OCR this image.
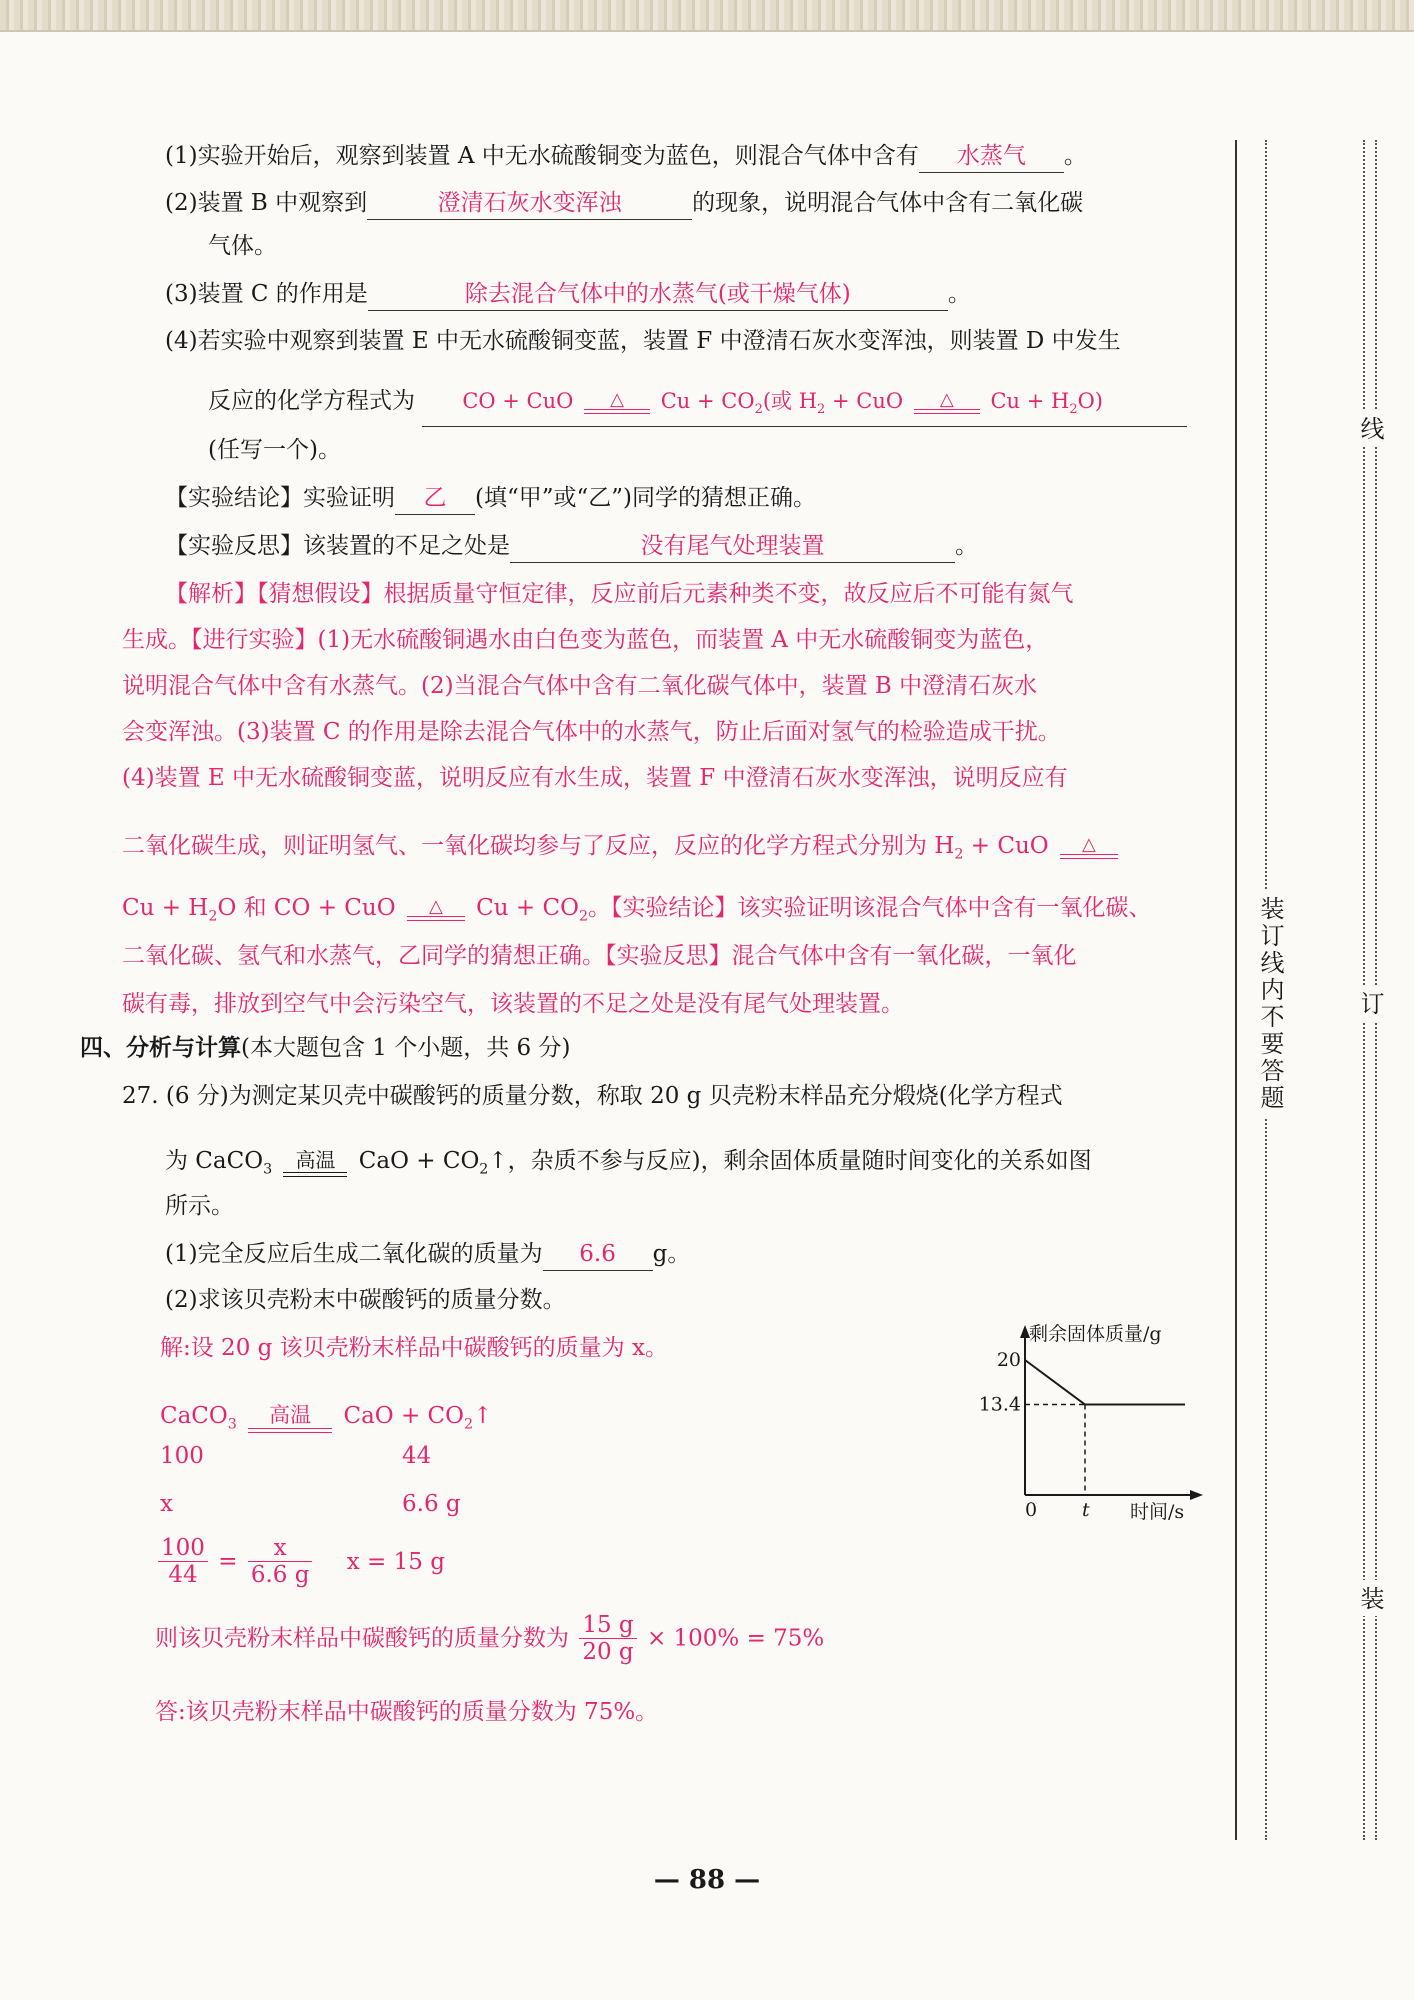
(1)实验开始后，观察到装置 A 中无水硫酸铜变为蓝色，则混合气体中含有 水蒸气 。
(2)装置 B 中观察到	澄清石灰水变浑浊	的现象，说明混合气体中含有二氧化碳
气体。
(3)装置 C 的作用是	除去混合气体中的水蒸气(或干燥气体)	。
(4)若实验中观察到装置 E 中无水硫酸铜变蓝，装置 F 中澄清石灰水变浑浊，则装置 D 中发生
反应的化学方程式为 CO + CuO	△	$Cu + CO_2$(或 $H_2$ + CuO	△	$Cu + H_2O$)
(任写一个)。
【实验结论】实验证明 乙 (填“甲”或“乙”)同学的猜想正确。
【实验反思】该装置的不足之处是	没有尾气处理装置	。
【解析】【猜想假设】根据质量守恒定律，反应前后元素种类不变，故反应后不可能有氮气
生成。【进行实验】(1)无水硫酸铜遇水由白色变为蓝色，而装置 A 中无水硫酸铜变为蓝色，
说明混合气体中含有水蒸气。(2)当混合气体中含有二氧化碳气体中，装置 B 中澄清石灰水
会变浑浊。(3)装置 C 的作用是除去混合气体中的水蒸气，防止后面对氢气的检验造成干扰。
(4)装置 E 中无水硫酸铜变蓝，说明反应有水生成，装置 F 中澄清石灰水变浑浊，说明反应有
二氧化碳生成，则证明氢气、一氧化碳均参与了反应，反应的化学方程式分别为 $H_2$ + CuO	△
$Cu + H_2O$ 和 CO + CuO	△	$Cu + CO_2$。【实验结论】该实验证明该混合气体中含有一氧化碳、
二氧化碳、氢气和水蒸气，乙同学的猜想正确。【实验反思】混合气体中含有一氧化碳，一氧化
碳有毒，排放到空气中会污染空气，该装置的不足之处是没有尾气处理装置。
四、分析与计算(本大题包含 1 个小题，共 6 分)
27. (6 分)为测定某贝壳中碳酸钙的质量分数，称取 20 g 贝壳粉末样品充分煅烧(化学方程式
为 CaCO$_3$	高温	CaO + $CO_2↑$，杂质不参与反应)，剩余固体质量随时间变化的关系如图
所示。
(1)完全反应后生成二氧化碳的质量为 6.6 g。
(2)求该贝壳粉末中碳酸钙的质量分数。
解:设 20 g 该贝壳粉末样品中碳酸钙的质量为 x。
CaCO$_3$	高温	CaO + $CO_2↑$
100	44
x	6.6 g
$\frac{100}{44} = \frac{x}{6.6 g}$ x = 15 g
则该贝壳粉末样品中碳酸钙的质量分数为 $\frac{15 g}{20 g} \times 100\% = 75\%$
答:该贝壳粉末样品中碳酸钙的质量分数为 75%。
剩余固体质量/g
时间/s
0
20
13.4
t
线
订
装
装订线内不要答题
— 88 —
